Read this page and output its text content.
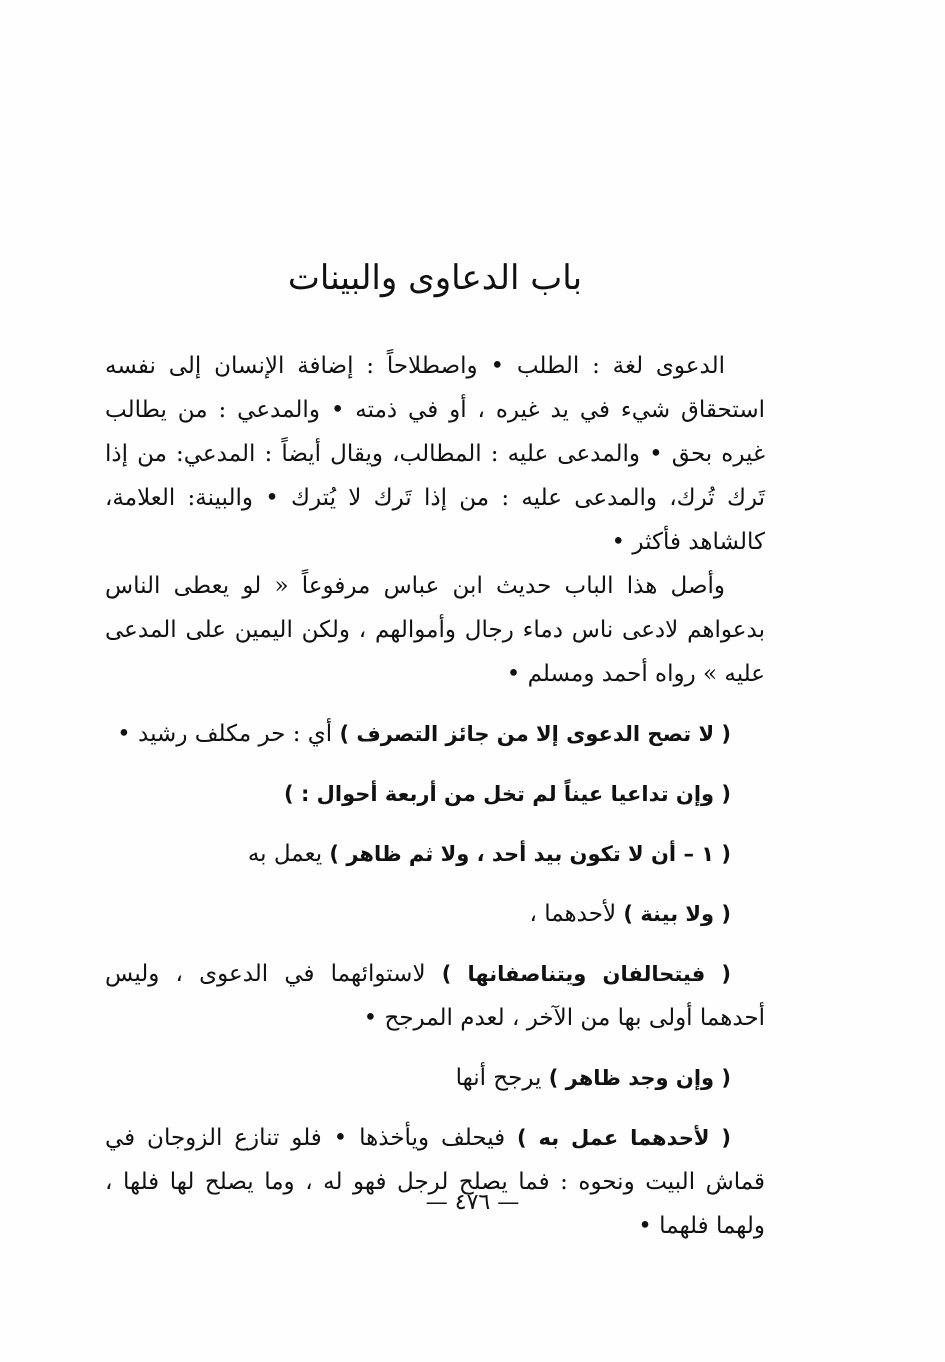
باب الدعاوى والبينات

الدعوى لغة : الطلب • واصطلاحاً : إضافة الإنسان إلى نفسه استحقاق شيء في يد غيره ، أو في ذمته • والمدعي : من يطالب غيره بحق • والمدعى عليه : المطالب، ويقال أيضاً : المدعي: من إذا تَرك تُرك، والمدعى عليه : من إذا تَرك لا يُترك • والبينة: العلامة، كالشاهد فأكثر •

وأصل هذا الباب حديث ابن عباس مرفوعاً « لو يعطى الناس بدعواهم لادعى ناس دماء رجال وأموالهم ، ولكن اليمين على المدعى عليه » رواه أحمد ومسلم •

( لا تصح الدعوى إلا من جائز التصرف ) أي : حر مكلف رشيد •

( وإن تداعيا عيناً لم تخل من أربعة أحوال : )

( ١ – أن لا تكون بيد أحد ، ولا ثم ظاهر ) يعمل به

( ولا بينة ) لأحدهما ،

( فيتحالفان ويتناصفانها ) لاستوائهما في الدعوى ، وليس أحدهما أولى بها من الآخر ، لعدم المرجح •

( وإن وجد ظاهر ) يرجح أنها

( لأحدهما عمل به ) فيحلف ويأخذها • فلو تنازع الزوجان في قماش البيت ونحوه : فما يصلح لرجل فهو له ، وما يصلح لها فلها ، ولهما فلهما •

— ٤٧٦ —
